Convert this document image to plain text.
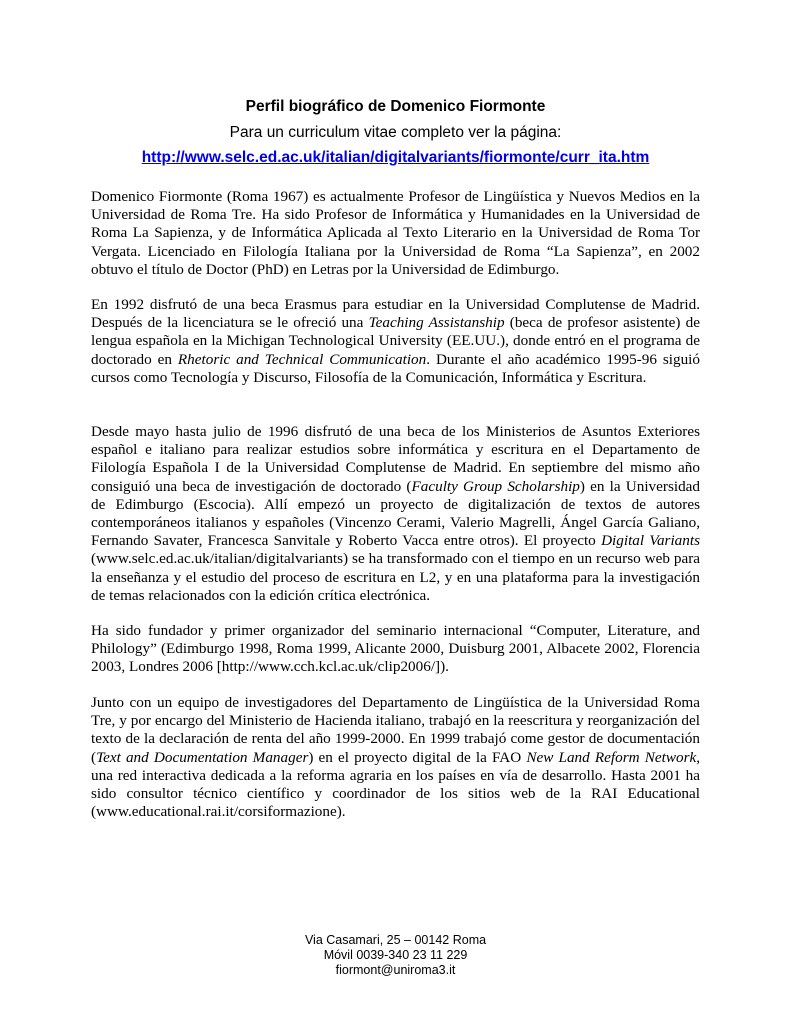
Perfil biográfico de Domenico Fiormonte
Para un curriculum vitae completo ver la página:
http://www.selc.ed.ac.uk/italian/digitalvariants/fiormonte/curr_ita.htm

Domenico Fiormonte (Roma 1967) es actualmente Profesor de Lingüística y Nuevos Medios en la Universidad de Roma Tre. Ha sido Profesor de Informática y Humanidades en la Universidad de Roma La Sapienza, y de Informática Aplicada al Texto Literario en la Universidad de Roma Tor Vergata. Licenciado en Filología Italiana por la Universidad de Roma “La Sapienza”, en 2002 obtuvo el título de Doctor (PhD) en Letras por la Universidad de Edimburgo.

En 1992 disfrutó de una beca Erasmus para estudiar en la Universidad Complutense de Madrid. Después de la licenciatura se le ofreció una Teaching Assistanship (beca de profesor asistente) de lengua española en la Michigan Technological University (EE.UU.), donde entró en el programa de doctorado en Rhetoric and Technical Communication. Durante el año académico 1995-96 siguió cursos como Tecnología y Discurso, Filosofía de la Comunicación, Informática y Escritura.

Desde mayo hasta julio de 1996 disfrutó de una beca de los Ministerios de Asuntos Exteriores español e italiano para realizar estudios sobre informática y escritura en el Departamento de Filología Española I de la Universidad Complutense de Madrid. En septiembre del mismo año consiguió una beca de investigación de doctorado (Faculty Group Scholarship) en la Universidad de Edimburgo (Escocia). Allí empezó un proyecto de digitalización de textos de autores contemporáneos italianos y españoles (Vincenzo Cerami, Valerio Magrelli, Ángel García Galiano, Fernando Savater, Francesca Sanvitale y Roberto Vacca entre otros). El proyecto Digital Variants (www.selc.ed.ac.uk/italian/digitalvariants) se ha transformado con el tiempo en un recurso web para la enseñanza y el estudio del proceso de escritura en L2, y en una plataforma para la investigación de temas relacionados con la edición crítica electrónica.

Ha sido fundador y primer organizador del seminario internacional “Computer, Literature, and Philology” (Edimburgo 1998, Roma 1999, Alicante 2000, Duisburg 2001, Albacete 2002, Florencia 2003, Londres 2006 [http://www.cch.kcl.ac.uk/clip2006/]).

Junto con un equipo de investigadores del Departamento de Lingüística de la Universidad Roma Tre, y por encargo del Ministerio de Hacienda italiano, trabajó en la reescritura y reorganización del texto de la declaración de renta del año 1999-2000. En 1999 trabajó come gestor de documentación (Text and Documentation Manager) en el proyecto digital de la FAO New Land Reform Network, una red interactiva dedicada a la reforma agraria en los países en vía de desarrollo. Hasta 2001 ha sido consultor técnico científico y coordinador de los sitios web de la RAI Educational (www.educational.rai.it/corsiformazione).

Via Casamari, 25 – 00142 Roma
Móvil 0039-340 23 11 229
fiormont@uniroma3.it
